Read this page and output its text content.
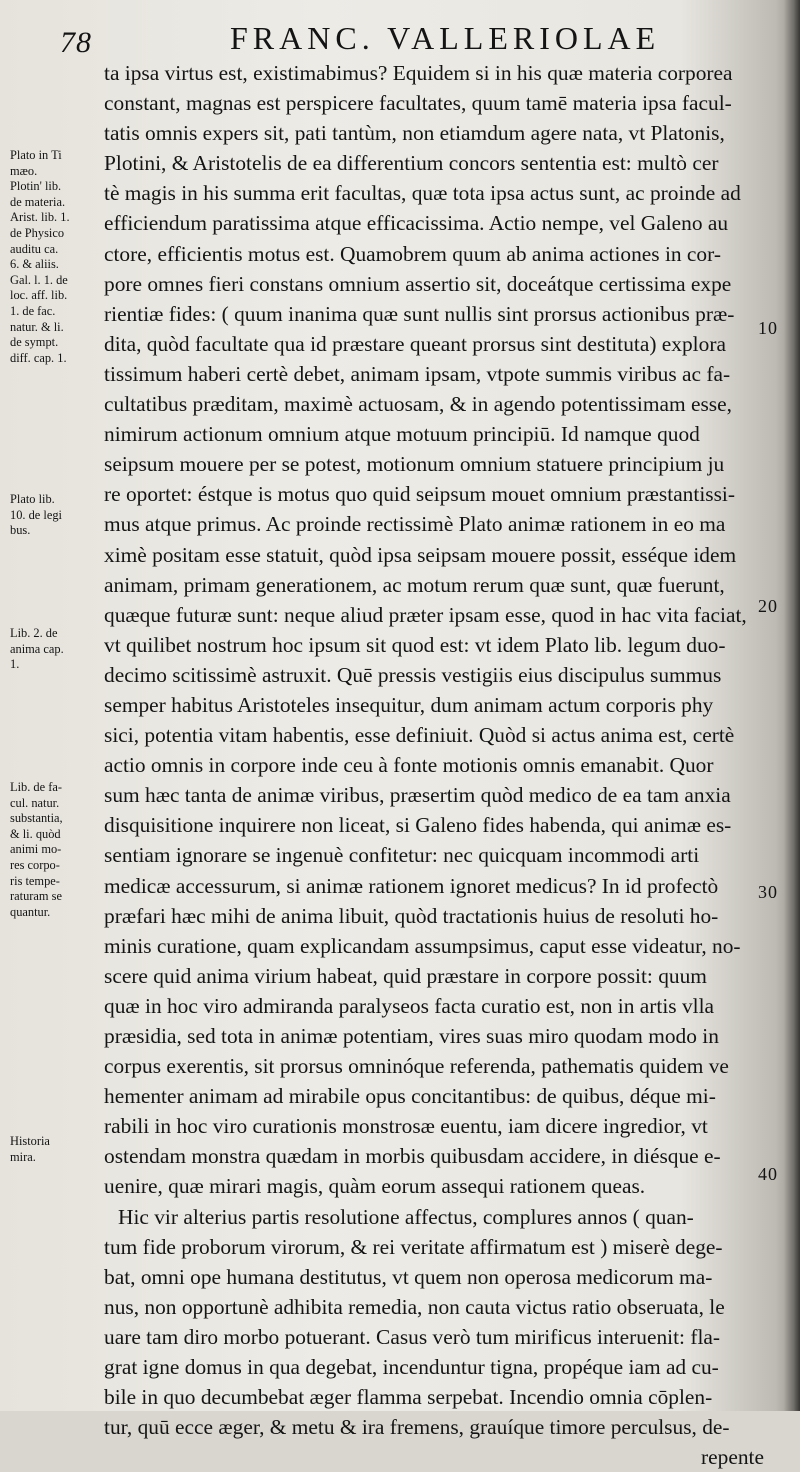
78	FRANC. VALLERIOLAE
ta ipsa virtus est, existimabimus? Equidem si in his quæ materia corporea
constant, magnas est perspicere facultates, quum tamē materia ipsa facul-
tatis omnis expers sit, pati tantùm, non etiamdum agere nata, vt Platonis,
Plotini, & Aristotelis de ea differentium concors sententia est: multò cer
tè magis in his summa erit facultas, quæ tota ipsa actus sunt, ac proinde ad
efficiendum paratissima atque efficacissima. Actio nempe, vel Galeno au
ctore, efficientis motus est. Quamobrem quum ab anima actiones in cor-
pore omnes fieri constans omnium assertio sit, doceátque certissima expe
rientiæ fides: ( quum inanima quæ sunt nullis sint prorsus actionibus præ-
dita, quòd facultate qua id præstare queant prorsus sint destituta) explora
tissimum haberi certè debet, animam ipsam, vtpote summis viribus ac fa-
cultatibus præditam, maximè actuosam, & in agendo potentissimam esse,
nimirum actionum omnium atque motuum principiū. Id namque quod
seipsum mouere per se potest, motionum omnium statuere principium ju
re oportet: éstque is motus quo quid seipsum mouet omnium præstantissi-
mus atque primus. Ac proinde rectissimè Plato animæ rationem in eo ma
ximè positam esse statuit, quòd ipsa seipsam mouere possit, esséque idem
animam, primam generationem, ac motum rerum quæ sunt, quæ fuerunt,
quæque futuræ sunt: neque aliud præter ipsam esse, quod in hac vita faciat,
vt quilibet nostrum hoc ipsum sit quod est: vt idem Plato lib. legum duo-
decimo scitissimè astruxit. Quē pressis vestigiis eius discipulus summus
semper habitus Aristoteles insequitur, dum animam actum corporis phy
sici, potentia vitam habentis, esse definiuit. Quòd si actus anima est, certè
actio omnis in corpore inde ceu à fonte motionis omnis emanabit. Quor
sum hæc tanta de animæ viribus, præsertim quòd medico de ea tam anxia
disquisitione inquirere non liceat, si Galeno fides habenda, qui animæ es-
sentiam ignorare se ingenuè confitetur: nec quicquam incommodi arti
medicæ accessurum, si animæ rationem ignoret medicus? In id profectò
præfari hæc mihi de anima libuit, quòd tractationis huius de resoluti ho-
minis curatione, quam explicandam assumpsimus, caput esse videatur, no-
scere quid anima virium habeat, quid præstare in corpore possit: quum
quæ in hoc viro admiranda paralyseos facta curatio est, non in artis vlla
præsidia, sed tota in animæ potentiam, vires suas miro quodam modo in
corpus exerentis, sit prorsus omninóque referenda, pathematis quidem ve
hementer animam ad mirabile opus concitantibus: de quibus, déque mi-
rabili in hoc viro curationis monstrosæ euentu, iam dicere ingredior, vt
ostendam monstra quædam in morbis quibusdam accidere, in diésque e-
uenire, quæ mirari magis, quàm eorum assequi rationem queas.
Hic vir alterius partis resolutione affectus, complures annos ( quan-
tum fide proborum virorum, & rei veritate affirmatum est ) miserè dege-
bat, omni ope humana destitutus, vt quem non operosa medicorum ma-
nus, non opportunè adhibita remedia, non cauta victus ratio obseruata, le
uare tam diro morbo potuerant. Casus verò tum mirificus interuenit: fla-
grat igne domus in qua degebat, incenduntur tigna, propéque iam ad cu-
bile in quo decumbebat æger flamma serpebat. Incendio omnia cōplen-
tur, quū ecce æger, & metu & ira fremens, grauíque timore perculsus, de-
repente
Plato in Ti
mæo.
Plotin' lib.
de materia.
Arist. lib. 1.
de Physico
auditu ca.
6. & aliis.
Gal. l. 1. de
loc. aff. lib.
1. de fac.
natur. & li.
de sympt.
diff. cap. 1.
Plato lib.
10. de legi
bus.
Lib. 2. de
anima cap.
1.
Lib. de fa-
cul. natur.
substantia,
& li. quòd
animi mo-
res corpo-
ris tempe-
raturam se
quantur.
Historia
mira.
10
20
30
40
